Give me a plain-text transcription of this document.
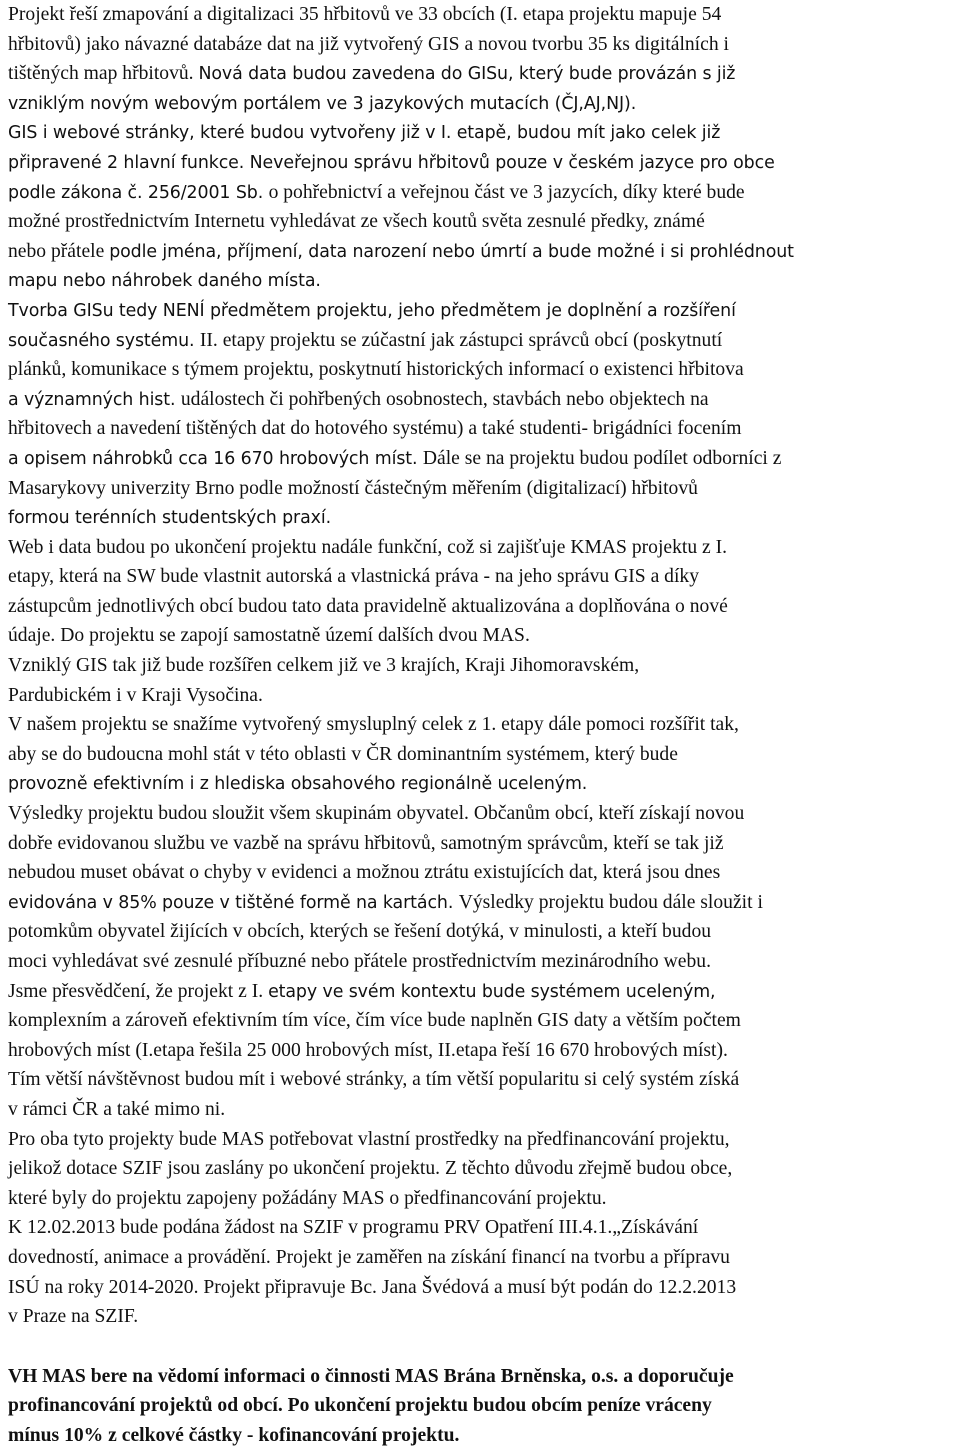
Projekt řeší zmapování a digitalizaci 35 hřbitovů ve 33 obcích (I. etapa projektu mapuje 54
hřbitovů) jako návazné databáze dat na již vytvořený GIS a novou tvorbu 35 ks digitálních i
tištěných map hřbitovů. Nová data budou zavedena do GISu, který bude provázán s již
vzniklým novým webovým portálem ve 3 jazykových mutacích (ČJ,AJ,NJ).
GIS i webové stránky, které budou vytvořeny již v I. etapě, budou mít jako celek již
připravené 2 hlavní funkce. Neveřejnou správu hřbitovů pouze v českém jazyce pro obce
podle zákona č. 256/2001 Sb. o pohřebnictví a veřejnou část ve 3 jazycích, díky které bude
možné prostřednictvím Internetu vyhledávat ze všech koutů světa zesnulé předky, známé
nebo přátele podle jména, příjmení, data narození nebo úmrtí a bude možné i si prohlédnout
mapu nebo náhrobek daného místa.
Tvorba GISu tedy NENÍ předmětem projektu, jeho předmětem je doplnění a rozšíření
současného systému. II. etapy projektu se zúčastní jak zástupci správců obcí (poskytnutí
plánků, komunikace s týmem projektu, poskytnutí historických informací o existenci hřbitova
a významných hist. událostech či pohřbených osobnostech, stavbách nebo objektech na
hřbitovech a navedení tištěných dat do hotového systému) a také studenti- brigádníci focením
a opisem náhrobků cca 16 670 hrobových míst. Dále se na projektu budou podílet odborníci z
Masarykovy univerzity Brno podle možností částečným měřením (digitalizací) hřbitovů
formou terénních studentských praxí.
Web i data budou po ukončení projektu nadále funkční, což si zajišťuje KMAS projektu z I.
etapy, která na SW bude vlastnit autorská a vlastnická práva - na jeho správu GIS a díky
zástupcům jednotlivých obcí budou tato data pravidelně aktualizována a doplňována o nové
údaje. Do projektu se zapojí samostatně území dalších dvou MAS.
Vzniklý GIS tak již bude rozšířen celkem již ve 3 krajích, Kraji Jihomoravském,
Pardubickém i v Kraji Vysočina.
V našem projektu se snažíme vytvořený smysluplný celek z 1. etapy dále pomoci rozšířit tak,
aby se do budoucna mohl stát v této oblasti v ČR dominantním systémem, který bude
provozně efektivním i z hlediska obsahového regionálně uceleným.
Výsledky projektu budou sloužit všem skupinám obyvatel. Občanům obcí, kteří získají novou
dobře evidovanou službu ve vazbě na správu hřbitovů, samotným správcům, kteří se tak již
nebudou muset obávat o chyby v evidenci a možnou ztrátu existujících dat, která jsou dnes
evidována v 85% pouze v tištěné formě na kartách. Výsledky projektu budou dále sloužit i
potomkům obyvatel žijících v obcích, kterých se řešení dotýká, v minulosti, a kteří budou
moci vyhledávat své zesnulé příbuzné nebo přátele prostřednictvím mezinárodního webu.
Jsme přesvědčení, že projekt z I. etapy ve svém kontextu bude systémem uceleným,
komplexním a zároveň efektivním tím více, čím více bude naplněn GIS daty a větším počtem
hrobových míst (I.etapa řešila 25 000 hrobových míst, II.etapa řeší 16 670 hrobových míst).
Tím větší návštěvnost budou mít i webové stránky, a tím větší popularitu si celý systém získá
v rámci ČR a také mimo ni.
Pro oba tyto projekty bude MAS potřebovat vlastní prostředky na předfinancování projektu,
jelikož dotace SZIF jsou zaslány po ukončení projektu. Z těchto důvodu zřejmě budou obce,
které byly do projektu zapojeny požádány MAS o předfinancování projektu.
K 12.02.2013 bude podána žádost na SZIF v programu PRV Opatření III.4.1.„Získávání
dovedností, animace a provádění. Projekt je zaměřen na získání financí na tvorbu a přípravu
ISÚ na roky 2014-2020. Projekt připravuje Bc. Jana Švédová a musí být podán do 12.2.2013
v Praze na SZIF.
VH MAS bere na vědomí informaci o činnosti MAS Brána Brněnska, o.s. a doporučuje
profinancování projektů od obcí. Po ukončení projektu budou obcím peníze vráceny
mínus 10% z celkové částky - kofinancování projektu.
